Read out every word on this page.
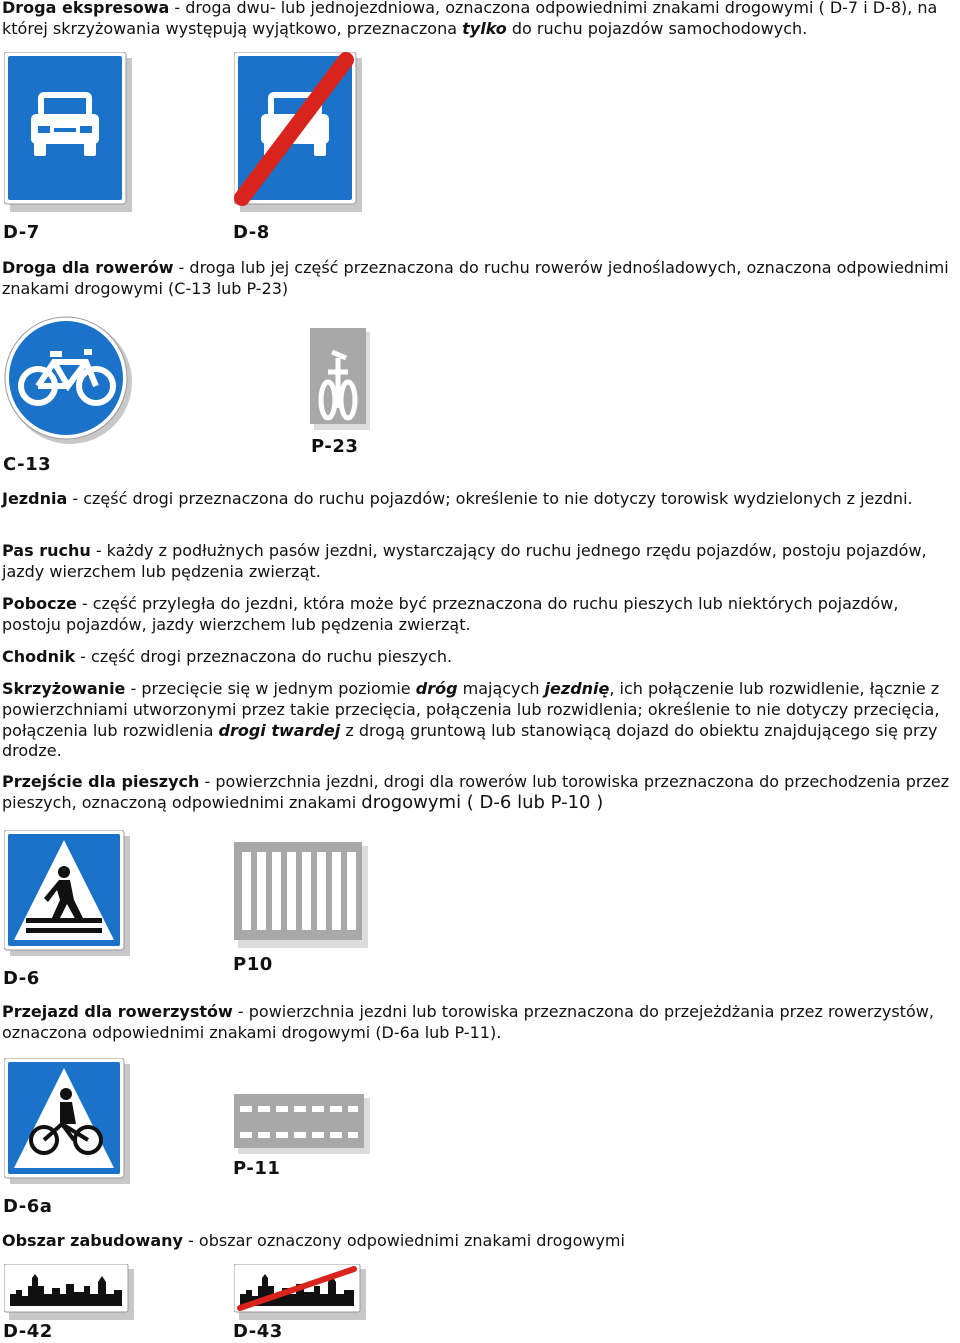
Droga ekspresowa - droga dwu- lub jednojezdniowa, oznaczona odpowiednimi znakami drogowymi ( D-7 i D-8), na której skrzyżowania występują wyjątkowo, przeznaczona tylko do ruchu pojazdów samochodowych.

D-7	D-8

Droga dla rowerów - droga lub jej część przeznaczona do ruchu rowerów jednośladowych, oznaczona odpowiednimi znakami drogowymi (C-13 lub P-23)

P-23
C-13

Jezdnia - część drogi przeznaczona do ruchu pojazdów; określenie to nie dotyczy torowisk wydzielonych z jezdni.

Pas ruchu - każdy z podłużnych pasów jezdni, wystarczający do ruchu jednego rzędu pojazdów, postoju pojazdów, jazdy wierzchem lub pędzenia zwierząt.

Pobocze - część przyległa do jezdni, która może być przeznaczona do ruchu pieszych lub niektórych pojazdów, postoju pojazdów, jazdy wierzchem lub pędzenia zwierząt.

Chodnik - część drogi przeznaczona do ruchu pieszych.

Skrzyżowanie - przecięcie się w jednym poziomie dróg mających jezdnię, ich połączenie lub rozwidlenie, łącznie z powierzchniami utworzonymi przez takie przecięcia, połączenia lub rozwidlenia; określenie to nie dotyczy przecięcia, połączenia lub rozwidlenia drogi twardej z drogą gruntową lub stanowiącą dojazd do obiektu znajdującego się przy drodze.

Przejście dla pieszych - powierzchnia jezdni, drogi dla rowerów lub torowiska przeznaczona do przechodzenia przez pieszych, oznaczoną odpowiednimi znakami drogowymi ( D-6 lub P-10 )

P10
D-6

Przejazd dla rowerzystów - powierzchnia jezdni lub torowiska przeznaczona do przejeżdżania przez rowerzystów, oznaczona odpowiednimi znakami drogowymi (D-6a lub P-11).

P-11
D-6a

Obszar zabudowany - obszar oznaczony odpowiednimi znakami drogowymi

D-42	D-43
